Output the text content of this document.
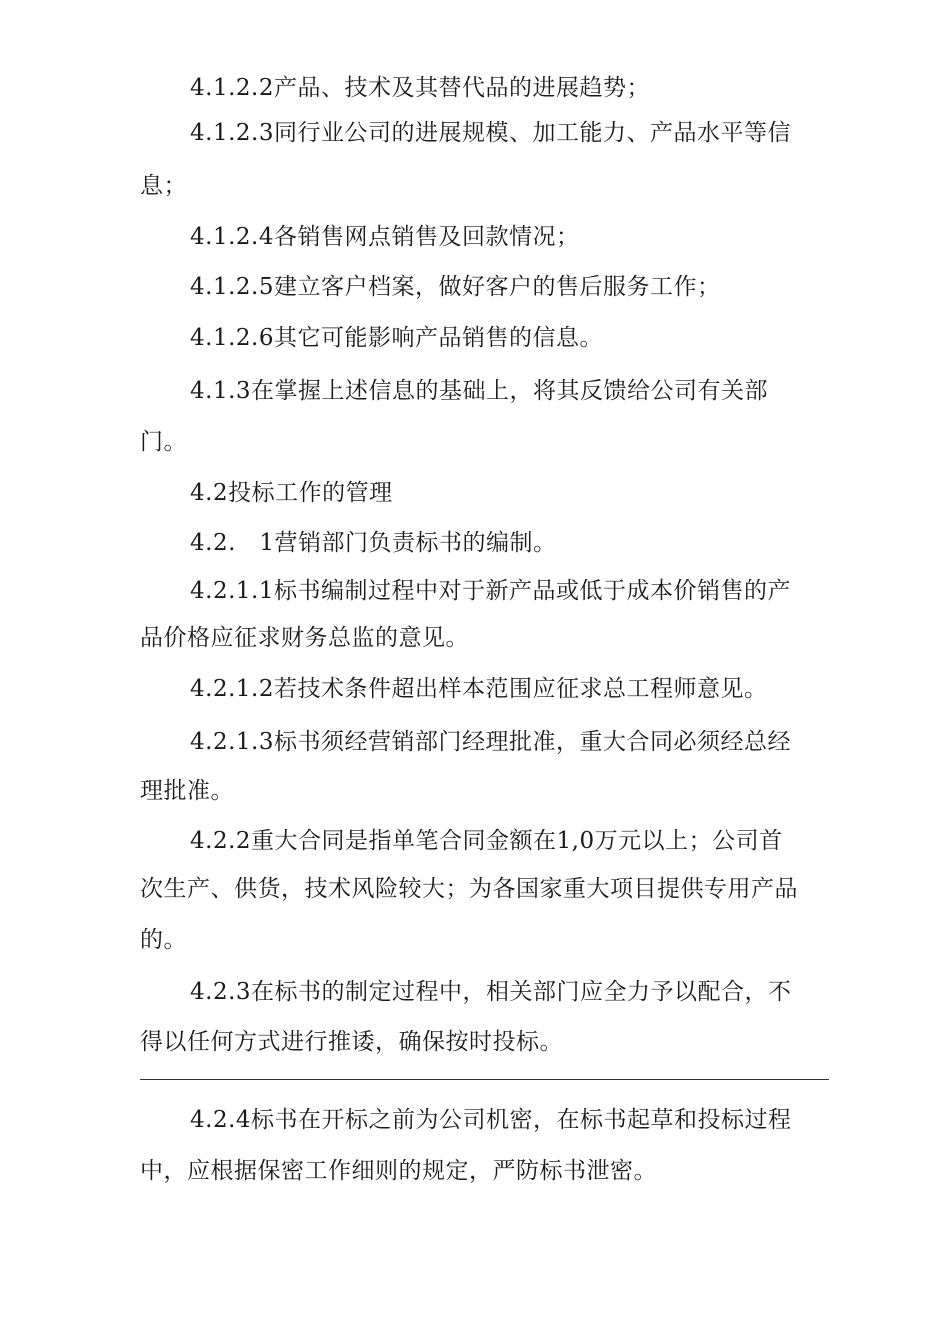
4.1.2.2产品、技术及其替代品的进展趋势；
4.1.2.3同行业公司的进展规模、加工能力、产品水平等信
息；
4.1.2.4各销售网点销售及回款情况；
4.1.2.5建立客户档案，做好客户的售后服务工作；
4.1.2.6其它可能影响产品销售的信息。
4.1.3在掌握上述信息的基础上，将其反馈给公司有关部
门。
4.2投标工作的管理
4.2.   1营销部门负责标书的编制。
4.2.1.1标书编制过程中对于新产品或低于成本价销售的产
品价格应征求财务总监的意见。
4.2.1.2若技术条件超出样本范围应征求总工程师意见。
4.2.1.3标书须经营销部门经理批准，重大合同必须经总经
理批准。
4.2.2重大合同是指单笔合同金额在1,0万元以上；公司首
次生产、供货，技术风险较大；为各国家重大项目提供专用产品
的。
4.2.3在标书的制定过程中，相关部门应全力予以配合，不
得以任何方式进行推诿，确保按时投标。
4.2.4标书在开标之前为公司机密，在标书起草和投标过程
中，应根据保密工作细则的规定，严防标书泄密。
